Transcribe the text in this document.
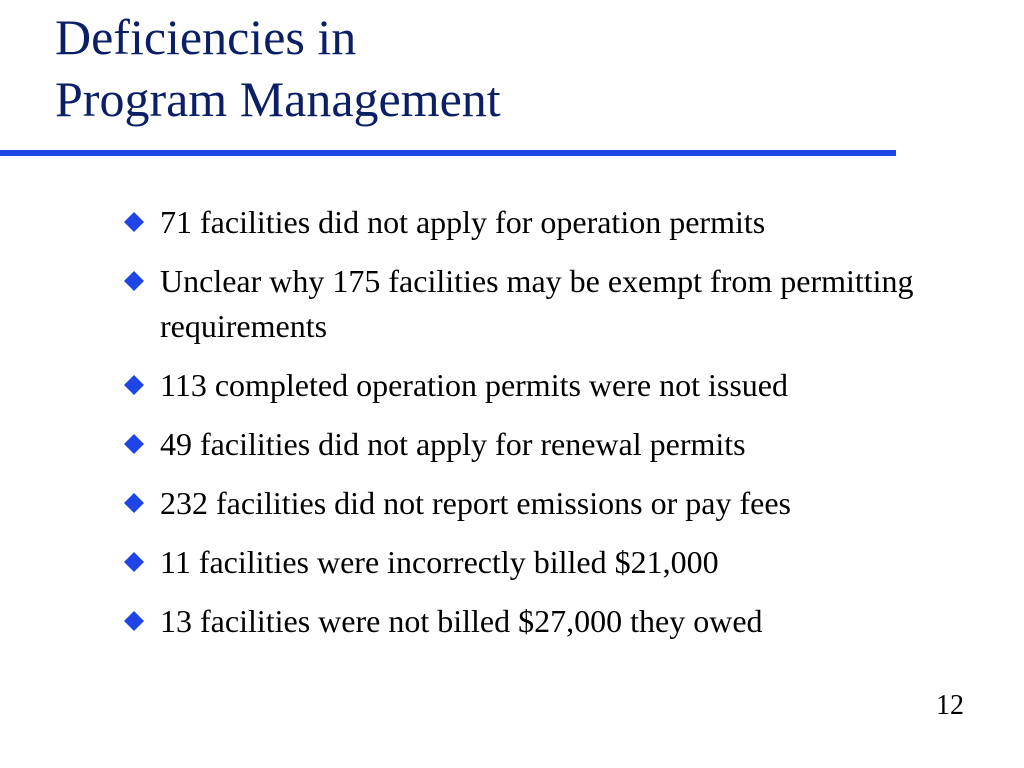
Deficiencies in
Program Management
71 facilities did not apply for operation permits
Unclear why 175 facilities may be exempt from permitting requirements
113 completed operation permits were not issued
49 facilities did not apply for renewal permits
232 facilities did not report emissions or pay fees
11 facilities were incorrectly billed $21,000
13 facilities were not billed $27,000 they owed
12
